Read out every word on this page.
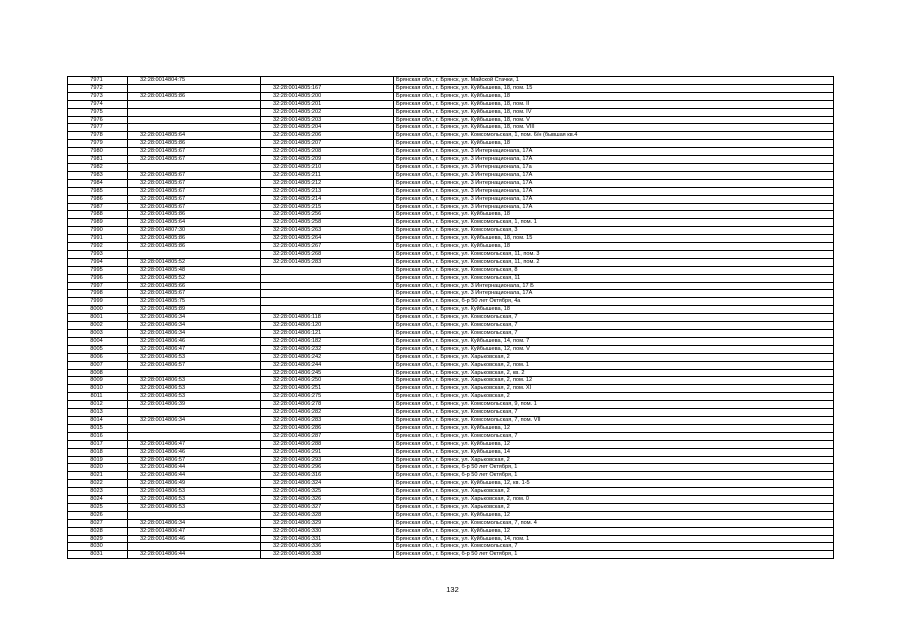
7971	32:28:0014804:75		Брянская обл., г. Брянск, ул. Майской Стачки, 1
7972		32:28:0014805:167	Брянская обл., г. Брянск, ул. Куйбышева, 18, пом. 15
7973	32:28:0014805:86	32:28:0014805:200	Брянская обл., г. Брянск, ул. Куйбышева, 18
7974		32:28:0014805:201	Брянская обл., г. Брянск, ул. Куйбышева, 18, пом. II
7975		32:28:0014805:202	Брянская обл., г. Брянск, ул. Куйбышева, 18, пом. IV
7976		32:28:0014805:203	Брянская обл., г. Брянск, ул. Куйбышева, 18, пом. V
7977		32:28:0014805:204	Брянская обл., г. Брянск, ул. Куйбышева, 18, пом. VIII
7978	32:28:0014805:64	32:28:0014805:206	Брянская обл., г. Брянск, ул. Комсомольская, 1, пом. 6/н (бывшая кв.4
7979	32:28:0014805:86	32:28:0014805:207	Брянская обл., г. Брянск, ул. Куйбышева, 18
7980	32:28:0014805:67	32:28:0014805:208	Брянская обл., г. Брянск, ул. 3 Интернационала, 17А
7981	32:28:0014805:67	32:28:0014805:209	Брянская обл., г. Брянск, ул. 3 Интернационала, 17А
7982		32:28:0014805:210	Брянская обл., г. Брянск, ул. 3 Интернационала, 17а
7983	32:28:0014805:67	32:28:0014805:211	Брянская обл., г. Брянск, ул. 3 Интернационала, 17А
7984	32:28:0014805:67	32:28:0014805:212	Брянская обл., г. Брянск, ул. 3 Интернационала, 17А
7985	32:28:0014805:67	32:28:0014805:213	Брянская обл., г. Брянск, ул. 3 Интернационала, 17А
7986	32:28:0014805:67	32:28:0014805:214	Брянская обл., г. Брянск, ул. 3 Интернационала, 17А
7987	32:28:0014805:67	32:28:0014805:215	Брянская обл., г. Брянск, ул. 3 Интернационала, 17А
7988	32:28:0014805:86	32:28:0014805:256	Брянская обл., г. Брянск, ул. Куйбышева, 18
7989	32:28:0014805:64	32:28:0014805:258	Брянская обл., г. Брянск, ул. Комсомольская, 1, пом. 1
7990	32:28:0014807:30	32:28:0014805:263	Брянская обл., г. Брянск, ул. Комсомольская, 3
7991	32:28:0014805:86	32:28:0014805:264	Брянская обл., г. Брянск, ул. Куйбышева, 18, пом. 15
7992	32:28:0014805:86	32:28:0014805:267	Брянская обл., г. Брянск, ул. Куйбышева, 18
7993		32:28:0014805:268	Брянская обл., г. Брянск, ул. Комсомольская, 11, пом. 3
7994	32:28:0014805:52	32:28:0014805:283	Брянская обл., г. Брянск, ул. Комсомольская, 11, пом. 2
7995	32:28:0014805:48		Брянская обл., г. Брянск, ул. Комсомольская, 8
7996	32:28:0014805:52		Брянская обл., г. Брянск, ул. Комсомольская, 11
7997	32:28:0014805:66		Брянская обл., г. Брянск, ул. 3 Интернационала, 17 Б
7998	32:28:0014805:67		Брянская обл., г. Брянск, ул. 3 Интернационала, 17А
7999	32:28:0014805:75		Брянская обл., г. Брянск, б-р 50 лет Октября, 4а
8000	32:28:0014805:89		Брянская обл., г. Брянск, ул. Куйбышева, 18
8001	32:28:0014806:34	32:28:0014806:118	Брянская обл., г. Брянск, ул. Комсомольская, 7
8002	32:28:0014806:34	32:28:0014806:120	Брянская обл., г. Брянск, ул. Комсомольская, 7
8003	32:28:0014806:34	32:28:0014806:121	Брянская обл., г. Брянск, ул. Комсомольская, 7
8004	32:28:0014806:46	32:28:0014806:182	Брянская обл., г. Брянск, ул. Куйбышева, 14, пом. 7
8005	32:28:0014806:47	32:28:0014806:232	Брянская обл., г. Брянск, ул. Куйбышева, 12, пом. V
8006	32:28:0014806:53	32:28:0014806:242	Брянская обл., г. Брянск, ул. Харьковская, 2
8007	32:28:0014806:57	32:28:0014806:244	Брянская обл., г. Брянск, ул. Харьковская, 2, пом. 1
8008		32:28:0014806:245	Брянская обл., г. Брянск, ул. Харьковская, 2, кв. 2
8009	32:28:0014806:53	32:28:0014806:250	Брянская обл., г. Брянск, ул. Харьковская, 2, пом. 12
8010	32:28:0014806:53	32:28:0014806:251	Брянская обл., г. Брянск, ул. Харьковская, 2, пом. XI
8011	32:28:0014806:53	32:28:0014806:275	Брянская обл., г. Брянск, ул. Харьковская, 2
8012	32:28:0014806:39	32:28:0014806:278	Брянская обл., г. Брянск, ул. Комсомольская, 9, пом. 1
8013		32:28:0014806:282	Брянская обл., г. Брянск, ул. Комсомольская, 7
8014	32:28:0014806:34	32:28:0014806:283	Брянская обл., г. Брянск, ул. Комсомольская, 7, пом. VII
8015		32:28:0014806:286	Брянская обл., г. Брянск, ул. Куйбышева, 12
8016		32:28:0014806:287	Брянская обл., г. Брянск, ул. Комсомольская, 7
8017	32:28:0014806:47	32:28:0014806:288	Брянская обл., г. Брянск, ул. Куйбышева, 12
8018	32:28:0014806:46	32:28:0014806:291	Брянская обл., г. Брянск, ул. Куйбышева, 14
8019	32:28:0014806:57	32:28:0014806:293	Брянская обл., г. Брянск, ул. Харьковская, 2
8020	32:28:0014806:44	32:28:0014806:296	Брянская обл., г. Брянск, б-р 50 лет Октября, 1
8021	32:28:0014806:44	32:28:0014806:316	Брянская обл., г. Брянск, б-р 50 лет Октября, 1
8022	32:28:0014806:49	32:28:0014806:324	Брянская обл., г. Брянск, ул. Куйбышева, 12, кв. 1-5
8023	32:28:0014806:53	32:28:0014806:325	Брянская обл., г. Брянск, ул. Харьковская, 2
8024	32:28:0014806:53	32:28:0014806:326	Брянская обл., г. Брянск, ул. Харьковская, 2, пом. 0
8025	32:28:0014806:53	32:28:0014806:327	Брянская обл., г. Брянск, ул. Харьковская, 2
8026		32:28:0014806:328	Брянская обл., г. Брянск, ул. Куйбышева, 12
8027	32:28:0014806:34	32:28:0014806:329	Брянская обл., г. Брянск, ул. Комсомольская, 7, пом. 4
8028	32:28:0014806:47	32:28:0014806:330	Брянская обл., г. Брянск, ул. Куйбышева, 12
8029	32:28:0014806:46	32:28:0014806:331	Брянская обл., г. Брянск, ул. Куйбышева, 14, пом. 1
8030		32:28:0014806:336	Брянская обл., г. Брянск, ул. Комсомольская, 7
8031	32:28:0014806:44	32:28:0014806:338	Брянская обл., г. Брянск, б-р 50 лет Октября, 1
132
